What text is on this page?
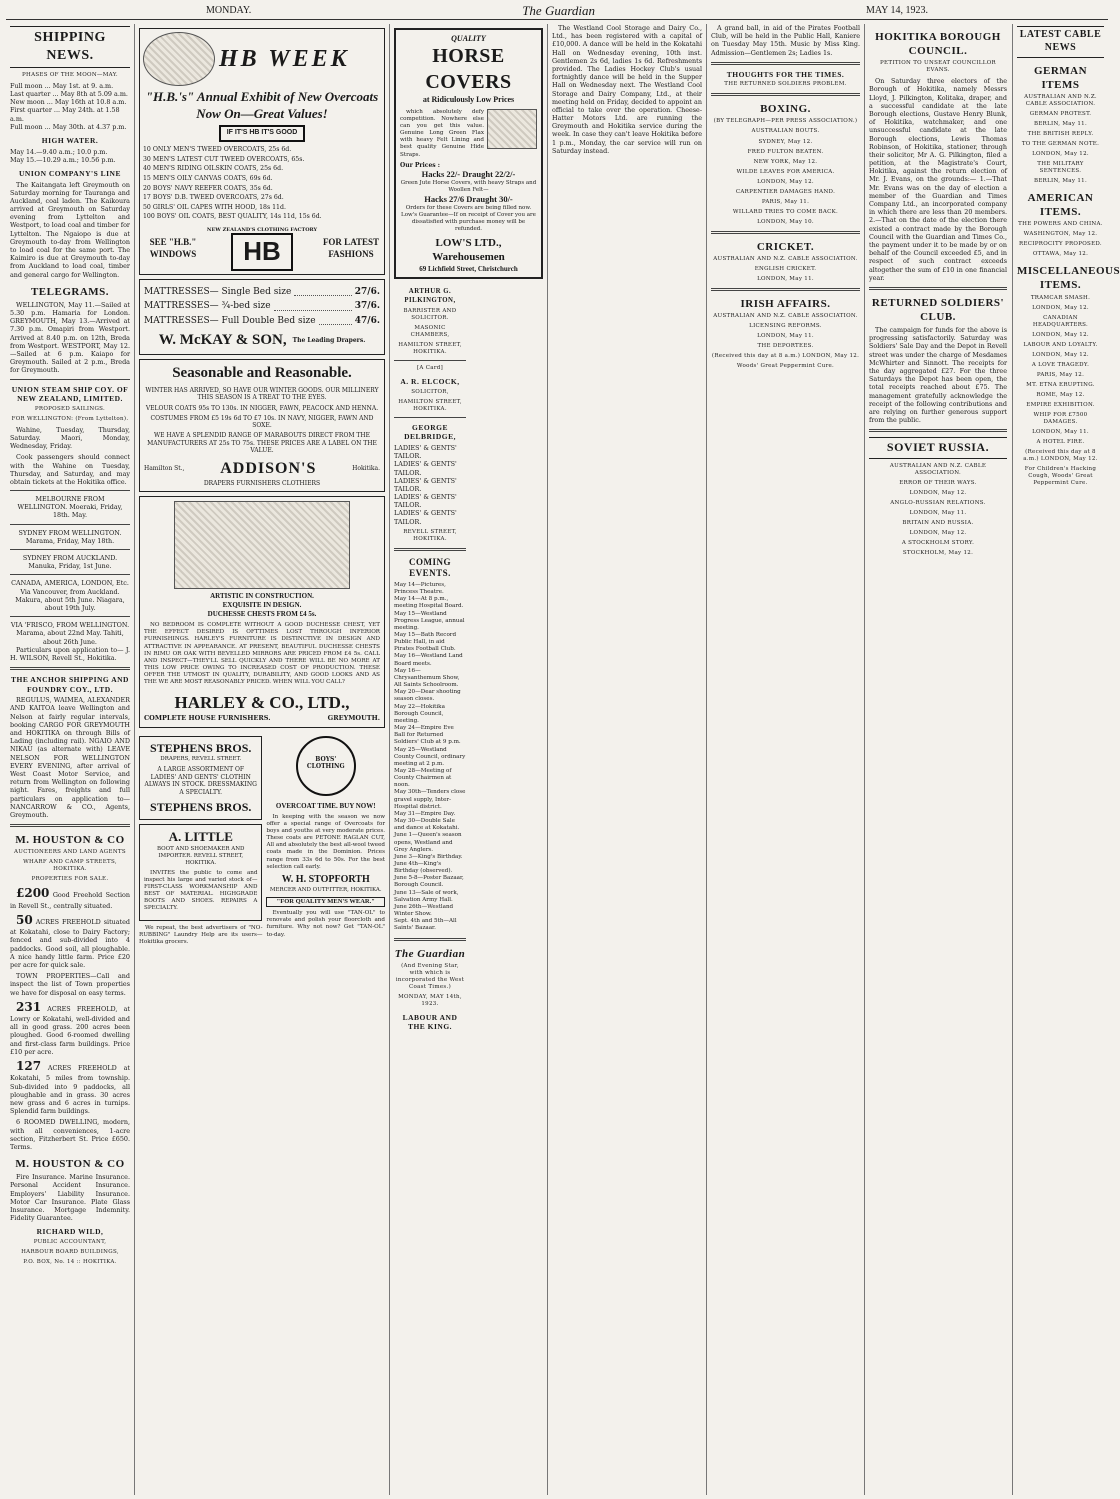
MONDAY.	The Guardian	MAY 14, 1923.
SHIPPING NEWS.
PHASES OF THE MOON—MAY.
Full moon ... May 1st. at 9. a.m.
Last quarter ... May 8th at 5.09 a.m.
New moon ... May 16th at 10.8 a.m.
First quarter ... May 24th. at 1.58 a.m.
Full moon ... May 30th. at 4.37 p.m.
HIGH WATER.
May 14.—9.40 a.m.; 10.0 p.m.
May 15.—10.29 a.m.; 10.56 p.m.
UNION COMPANY'S LINE

The Kaitangata left Greymouth on Saturday morning for Tauranga and Auckland, coal laden. The Kaikoura arrived at Greymouth on Saturday evening from Lyttelton and Westport, to load coal and timber for Lyttelton. The Ngaiopo is due at Greymouth to-day from Wellington to load coal for the same port. The Kaimiro is due at Greymouth to-day from Auckland to load coal, timber and general cargo for Wellington.

TELEGRAMS.

WELLINGTON, May 11.—Sailed at 5.30 p.m. Hamaria for London. GREYMOUTH, May 13.—Arrived at 7.30 p.m. Omapiri from Westport. Arrived at 8.40 p.m. on 12th, Breda from Westport. WESTPORT, May 12.—Sailed at 6 p.m. Kaiapo for Greymouth. Sailed at 2 p.m., Breda for Greymouth.

UNION STEAM SHIP COY. OF NEW ZEALAND, LIMITED.
PROPOSED SAILINGS.
FOR WELLINGTON: (From Lyttelton).

Wahine, Tuesday, Thursday, Saturday. Maori, Monday, Wednesday, Friday.

Cook passengers should connect with the Wahine on Tuesday, Thursday, and Saturday, and may obtain tickets at the Hokitika office.

MELBOURNE FROM WELLINGTON. Moeraki, Friday, 18th. May.
SYDNEY FROM WELLINGTON. Marama, Friday, May 18th.
SYDNEY FROM AUCKLAND. Manuka, Friday, 1st June.
CANADA, AMERICA, LONDON, Etc. Via Vancouver, from Auckland. Makura, about 5th June. Niagara, about 19th July.
VIA 'FRISCO, FROM WELLINGTON. Marama, about 22nd May. Tahiti, about 26th June.

Particulars upon application to— J. H. WILSON, Revell St., Hokitika.

THE ANCHOR SHIPPING AND FOUNDRY COY., LTD.

REGULUS, WAIMEA, ALEXANDER AND KAITOA leave Wellington and Nelson at fairly regular intervals, booking CARGO FOR GREYMOUTH and HOKITIKA on through Bills of Lading (including rail). NGAIO AND NIKAU (as alternate with) LEAVE NELSON FOR WELLINGTON EVERY EVENING, after arrival of West Coast Motor Service, and return from Wellington on following night. Fares, freights and full particulars on application to— NANCARROW & CO., Agents, Greymouth.

M. HOUSTON & CO
AUCTIONEERS AND LAND AGENTS
WHARF AND CAMP STREETS, HOKITIKA.
PROPERTIES FOR SALE.

£200 Good Freehold Section in Revell St., centrally situated.

50 ACRES FREEHOLD situated at Kokatahi, close to Dairy Factory; fenced and sub-divided into 4 paddocks. Good soil, all ploughable. A nice handy little farm. Price £20 per acre for quick sale.

TOWN PROPERTIES—Call and inspect the list of Town properties we have for disposal on easy terms.

231 ACRES FREEHOLD, at Lowry or Kokatahi, well-divided and all in good grass. 200 acres been ploughed. Good 6-roomed dwelling and first-class farm buildings. Price £10 per acre.

127 ACRES FREEHOLD at Kokatahi, 5 miles from township. Sub-divided into 9 paddocks, all ploughable and in grass. 30 acres new grass and 6 acres in turnips. Splendid farm buildings.

6 ROOMED DWELLING, modern, with all conveniences, 1-acre section, Fitzherbert St. Price £650. Terms.

M. HOUSTON & CO

Fire Insurance. Marine Insurance. Personal Accident Insurance. Employers' Liability Insurance. Motor Car Insurance. Plate Glass Insurance. Mortgage Indemnity. Fidelity Guarantee.

RICHARD WILD,
PUBLIC ACCOUNTANT,
HARBOUR BOARD BUILDINGS,
P.O. BOX, No. 14 :: HOKITIKA.
HB WEEK
"H.B.'s" Annual Exhibit of New Overcoats Now On—Great Values!
IF IT'S HB IT'S GOOD
10 ONLY MEN'S TWEED OVERCOATS, 25s 6d.
30 MEN'S LATEST CUT TWEED OVERCOATS, 65s.
40 MEN'S RIDING OILSKIN COATS, 25s 6d.
15 MEN'S OILY CANVAS COATS, 69s 6d.
20 BOYS' NAVY REEFER COATS, 35s 6d.
17 BOYS' D.B. TWEED OVERCOATS, 27s 6d.
50 GIRLS' OIL CAPES WITH HOOD, 18s 11d.
100 BOYS' OIL COATS, BEST QUALITY, 14s 11d, 15s 6d.
SEE "H.B." WINDOWS
NEW ZEALAND'S CLOTHING FACTORY
HB	FOR LATEST FASHIONS
MATTRESSES— Single Bed size	27/6.
MATTRESSES— ¾-bed size	37/6.
MATTRESSES— Full Double Bed size	47/6.
W. McKAY & SON, The Leading Drapers.
Seasonable and Reasonable.
WINTER HAS ARRIVED, SO HAVE OUR WINTER GOODS. OUR MILLINERY THIS SEASON IS A TREAT TO THE EYES.
VELOUR COATS 95s TO 130s. IN NIGGER, FAWN, PEACOCK AND HENNA.
COSTUMES FROM £5 19s 6d TO £7 10s. IN NAVY, NIGGER, FAWN AND SOXE.
WE HAVE A SPLENDID RANGE OF MARABOUTS DIRECT FROM THE MANUFACTURERS AT 25s TO 75s. THESE PRICES ARE A LABEL ON THE VALUE.
Hamilton St., ADDISON'S	Hokitika.
DRAPERS FURNISHERS CLOTHIERS
ARTISTIC IN CONSTRUCTION.
EXQUISITE IN DESIGN.
DUCHESSE CHESTS FROM £4 5s.

NO BEDROOM IS COMPLETE WITHOUT A GOOD DUCHESSE CHEST, YET THE EFFECT DESIRED IS OFTTIMES LOST THROUGH INFERIOR FURNISHINGS. HARLEY'S FURNITURE IS DISTINCTIVE IN DESIGN AND ATTRACTIVE IN APPEARANCE. AT PRESENT, BEAUTIFUL DUCHESSE CHESTS IN RIMU OR OAK WITH BEVELLED MIRRORS ARE PRICED FROM £4 5s. CALL AND INSPECT—THEY'LL SELL QUICKLY AND THERE WILL BE NO MORE AT THIS LOW PRICE OWING TO INCREASED COST OF PRODUCTION. THESE OFFER THE UTMOST IN QUALITY, DURABILITY, AND GOOD LOOKS AND AS THE WE ARE MOST REASONABLY PRICED. WHEN WILL YOU CALL?

HARLEY & CO., LTD.,
COMPLETE HOUSE FURNISHERS.	GREYMOUTH.
STEPHENS BROS.
DRAPERS, REVELL STREET.
A LARGE ASSORTMENT OF LADIES' AND GENTS' CLOTHIN ALWAYS IN STOCK. DRESSMAKING A SPECIALTY.
STEPHENS BROS.
A. LITTLE
BOOT AND SHOEMAKER AND IMPORTER. REVELL STREET, HOKITIKA.

INVITES the public to come and inspect his large and varied stock of— FIRST-CLASS WORKMANSHIP AND BEST OF MATERIAL. HIGHGRADE BOOTS AND SHOES. REPAIRS A SPECIALTY.

We repeat, the best advertisers of "NO-RUBBING" Laundry Help are its users—Hokitika grocers.

BOYS' CLOTHING
OVERCOAT TIME. BUY NOW!

In keeping with the season we now offer a special range of Overcoats for boys and youths at very moderate prices. These coats are PETONE RAGLAN CUT, All and absolutely the best all-wool tweed coats made in the Dominion. Prices range from 33s 6d to 50s. For the best selection call early.

W. H. STOPFORTH
MERCER AND OUTFITTER, HOKITIKA.
"FOR QUALITY MEN'S WEAR."

Eventually you will use "TAN-OL" to renovate and polish your floorcloth and furniture. Why not now? Get "TAN-OL" to-day.

QUALITY
HORSE COVERS
at Ridiculously Low Prices

which absolutely defy competition. Nowhere else can you get this value. Genuine Long Green Flax with heavy Felt Lining and best quality Genuine Hide Straps.

Our Prices :
Hacks 22/- Draught 22/2/-
Green Jute Horse Covers, with heavy Straps and Woollen Felt—
Hacks 27/6 Draught 30/-
Orders for these Covers are being filled now.
Low's Guarantee—If on receipt of Cover you are dissatisfied with purchase money will be refunded.
LOW'S LTD., Warehousemen
69 Lichfield Street, Christchurch
ARTHUR G. PILKINGTON,
BARRISTER AND SOLICITOR.
MASONIC CHAMBERS,
HAMILTON STREET, HOKITIKA.
[A Card]
A. R. ELCOCK,
SOLICITOR,
HAMILTON STREET, HOKITIKA.
GEORGE DELBRIDGE,
LADIES' & GENTS' TAILOR.
LADIES' & GENTS' TAILOR.
LADIES' & GENTS' TAILOR.
LADIES' & GENTS' TAILOR.
LADIES' & GENTS' TAILOR.
REVELL STREET, HOKITIKA.
COMING EVENTS.
May 14—Pictures, Princess Theatre.
May 14—At 8 p.m., meeting Hospital Board.
May 15—Westland Progress League, annual meeting.
May 15—Bath Record Public Hall, in aid Pirates Football Club.
May 16—Westland Land Board meets.
May 16—Chrysanthemum Show, All Saints Schoolroom.
May 20—Dear shooting season closes.
May 22—Hokitika Borough Council, meeting.
May 24—Empire Eve Ball for Returned Soldiers' Club at 9 p.m.
May 25—Westland County Council, ordinary meeting at 2 p.m.
May 28—Meeting of County Chairmen at noon.
May 30th—Tenders close gravel supply, Inter-Hospital district.
May 31—Empire Day.
May 30—Double Sale and dance at Kokatahi.
June 1—Queen's season opens, Westland and Grey Anglers.
June 3—King's Birthday.
June 4th—King's Birthday (observed).
June 5-8—Poster Bazaar, Borough Council.
June 13—Sale of work, Salvation Army Hall.
June 26th—Westland Winter Show.
Sept. 4th and 5th—All Saints' Bazaar.
The Guardian
(And Evening Star, with which is incorporated the West Coast Times.)
MONDAY, MAY 14th, 1923.
LABOUR AND THE KING.

The Westland Cool Storage and Dairy Co., Ltd., has been registered with a capital of £10,000. A dance will be held in the Kokatahi Hall on Wednesday evening, 10th inst. Gentlemen 2s 6d, ladies 1s 6d. Refreshments provided. The Ladies Hockey Club's usual fortnightly dance will be held in the Supper Hall on Wednesday next. The Westland Cool Storage and Dairy Company, Ltd., at their meeting held on Friday, decided to appoint an official to take over the operation. Cheese-Hatter Motors Ltd. are running the Greymouth and Hokitika service during the week. In case they can't leave Hokitika before 1 p.m., Monday, the car service will run on Saturday instead.

A grand ball, in aid of the Pirates Football Club, will be held in the Public Hall, Kaniere on Tuesday May 15th. Music by Miss King. Admission—Gentlemen 2s; Ladies 1s.

THOUGHTS FOR THE TIMES.
THE RETURNED SOLDIERS PROBLEM.
BOXING.
(BY TELEGRAPH—PER PRESS ASSOCIATION.)
AUSTRALIAN BOUTS.
SYDNEY, May 12.
FRED FULTON BEATEN.
NEW YORK, May 12.
WILDE LEAVES FOR AMERICA.
LONDON, May 12.
CARPENTIER DAMAGES HAND.
PARIS, May 11.
WILLARD TRIES TO COME BACK.
LONDON, May 10.
CRICKET.
AUSTRALIAN AND N.Z. CABLE ASSOCIATION.
ENGLISH CRICKET.
LONDON, May 11.
IRISH AFFAIRS.
AUSTRALIAN AND N.Z. CABLE ASSOCIATION.
LICENSING REFORMS.
LONDON, May 11.
THE DEPORTEES.
(Received this day at 8 a.m.) LONDON, May 12.
Woods' Great Peppermint Cure.
HOKITIKA BOROUGH COUNCIL.
PETITION TO UNSEAT COUNCILLOR EVANS.

On Saturday three electors of the Borough of Hokitika, namely Messrs Lloyd, J. Pilkington, Kolitaka, draper, and a successful candidate at the late Borough elections, Gustave Henry Blunk, of Hokitika, watchmaker, and one unsuccessful candidate at the late Borough elections, Lewis Thomas Robinson, of Hokitika, stationer, through their solicitor, Mr A. G. Pilkington, filed a petition, at the Magistrate's Court, Hokitika, against the return election of Mr. J. Evans, on the grounds:— 1.—That Mr. Evans was on the day of election a member of the Guardian and Times Company Ltd., an incorporated company in which there are less than 20 members. 2.—That on the date of the election there existed a contract made by the Borough Council with the Guardian and Times Co., the payment under it to be made by or on behalf of the Council exceeded £5, and in respect of such contract exceeds altogether the sum of £10 in one financial year.

RETURNED SOLDIERS' CLUB.

The campaign for funds for the above is progressing satisfactorily. Saturday was Soldiers' Sale Day and the Depot in Revell street was under the charge of Mesdames McWhirter and Sinnott. The receipts for the day aggregated £27. For the three Saturdays the Depot has been open, the total receipts reached about £75. The management gratefully acknowledge the receipt of the following contributions and are relying on further generous support from the public.

SOVIET RUSSIA.
AUSTRALIAN AND N.Z. CABLE ASSOCIATION.
ERROR OF THEIR WAYS.
LONDON, May 12.
ANGLO-RUSSIAN RELATIONS.
LONDON, May 11.
BRITAIN AND RUSSIA.
LONDON, May 12.
A STOCKHOLM STORY.
STOCKHOLM, May 12.
LATEST CABLE NEWS
GERMAN ITEMS
AUSTRALIAN AND N.Z. CABLE ASSOCIATION.
GERMAN PROTEST.
BERLIN, May 11.
THE BRITISH REPLY.
TO THE GERMAN NOTE.
LONDON, May 12.
THE MILITARY SENTENCES.
BERLIN, May 11.
AMERICAN ITEMS.
THE POWERS AND CHINA.
WASHINGTON, May 12.
RECIPROCITY PROPOSED.
OTTAWA, May 12.
MISCELLANEOUS ITEMS.
TRAMCAR SMASH.
LONDON, May 12.
CANADIAN HEADQUARTERS.
LONDON, May 12.
LABOUR AND LOYALTY.
LONDON, May 12.
A LOVE TRAGEDY.
PARIS, May 12.
MT. ETNA ERUPTING.
ROME, May 12.
EMPIRE EXHIBITION.
WHIP FOR £7500 DAMAGES.
LONDON, May 11.
A HOTEL FIRE.
(Received this day at 8 a.m.) LONDON, May 12.
For Children's Hacking Cough, Woods' Great Peppermint Cure.
